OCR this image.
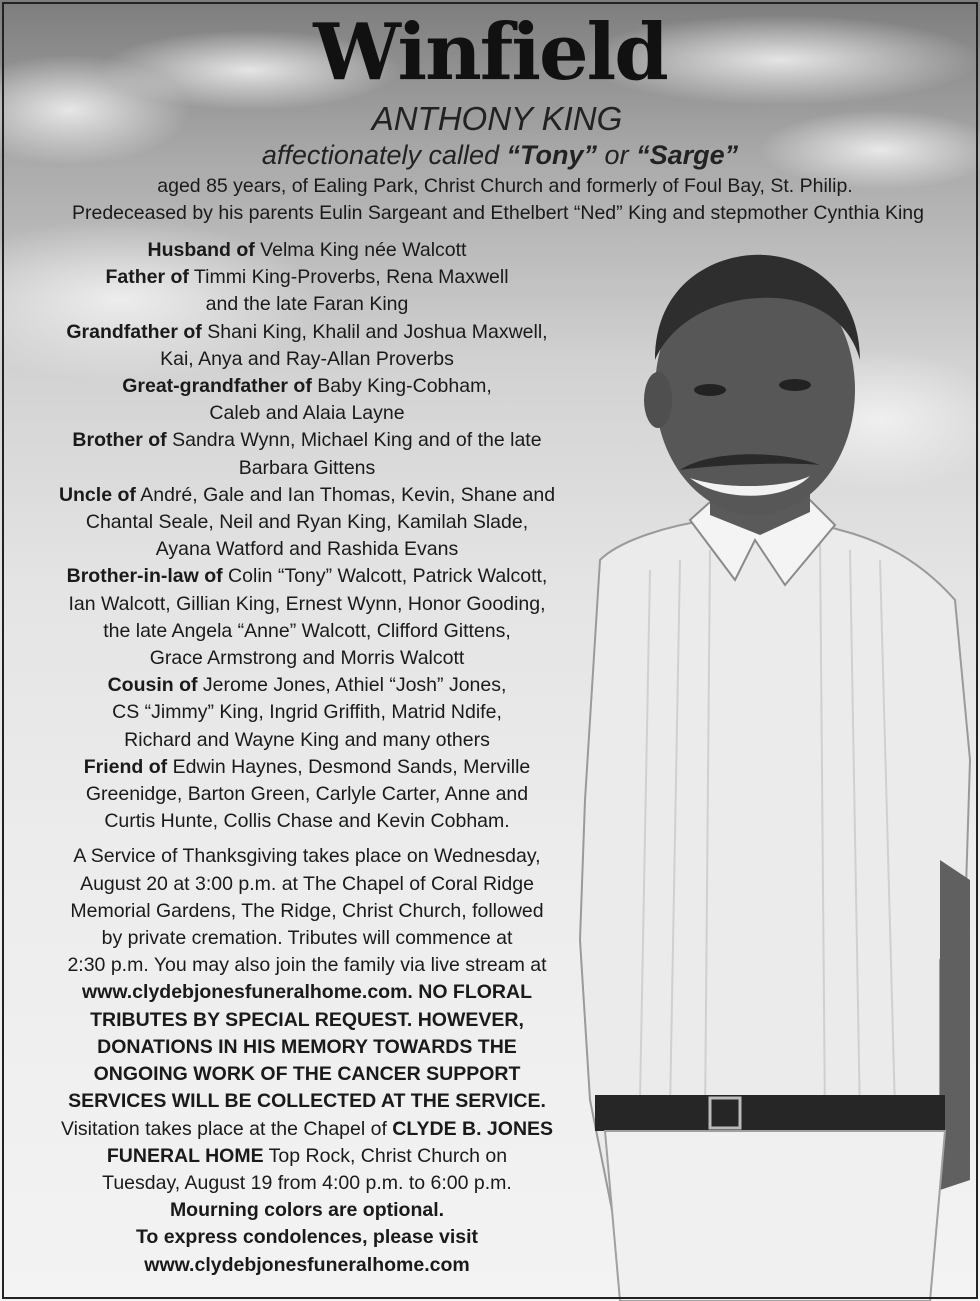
Winfield
ANTHONY KING
affectionately called “Tony” or “Sarge”
aged 85 years, of Ealing Park, Christ Church and formerly of Foul Bay, St. Philip.
Predeceased by his parents Eulin Sargeant and Ethelbert “Ned” King and stepmother Cynthia King
Husband of Velma King née Walcott
Father of Timmi King-Proverbs, Rena Maxwell
and the late Faran King
Grandfather of Shani King, Khalil and Joshua Maxwell,
Kai, Anya and Ray-Allan Proverbs
Great-grandfather of Baby King-Cobham,
Caleb and Alaia Layne
Brother of Sandra Wynn, Michael King and of the late
Barbara Gittens
Uncle of André, Gale and Ian Thomas, Kevin, Shane and
Chantal Seale, Neil and Ryan King, Kamilah Slade,
Ayana Watford and Rashida Evans
Brother-in-law of Colin “Tony” Walcott, Patrick Walcott,
Ian Walcott, Gillian King, Ernest Wynn, Honor Gooding,
the late Angela “Anne” Walcott, Clifford Gittens,
Grace Armstrong and Morris Walcott
Cousin of Jerome Jones, Athiel “Josh” Jones,
CS “Jimmy” King, Ingrid Griffith, Matrid Ndife,
Richard and Wayne King and many others
Friend of Edwin Haynes, Desmond Sands, Merville
Greenidge, Barton Green, Carlyle Carter, Anne and
Curtis Hunte, Collis Chase and Kevin Cobham.
A Service of Thanksgiving takes place on Wednesday,
August 20 at 3:00 p.m. at The Chapel of Coral Ridge
Memorial Gardens, The Ridge, Christ Church, followed
by private cremation. Tributes will commence at
2:30 p.m. You may also join the family via live stream at
www.clydebjonesfuneralhome.com. NO FLORAL
TRIBUTES BY SPECIAL REQUEST. HOWEVER,
DONATIONS IN HIS MEMORY TOWARDS THE
ONGOING WORK OF THE CANCER SUPPORT
SERVICES WILL BE COLLECTED AT THE SERVICE.
Visitation takes place at the Chapel of CLYDE B. JONES
FUNERAL HOME Top Rock, Christ Church on
Tuesday, August 19 from 4:00 p.m. to 6:00 p.m.
Mourning colors are optional.
To express condolences, please visit
www.clydebjonesfuneralhome.com
